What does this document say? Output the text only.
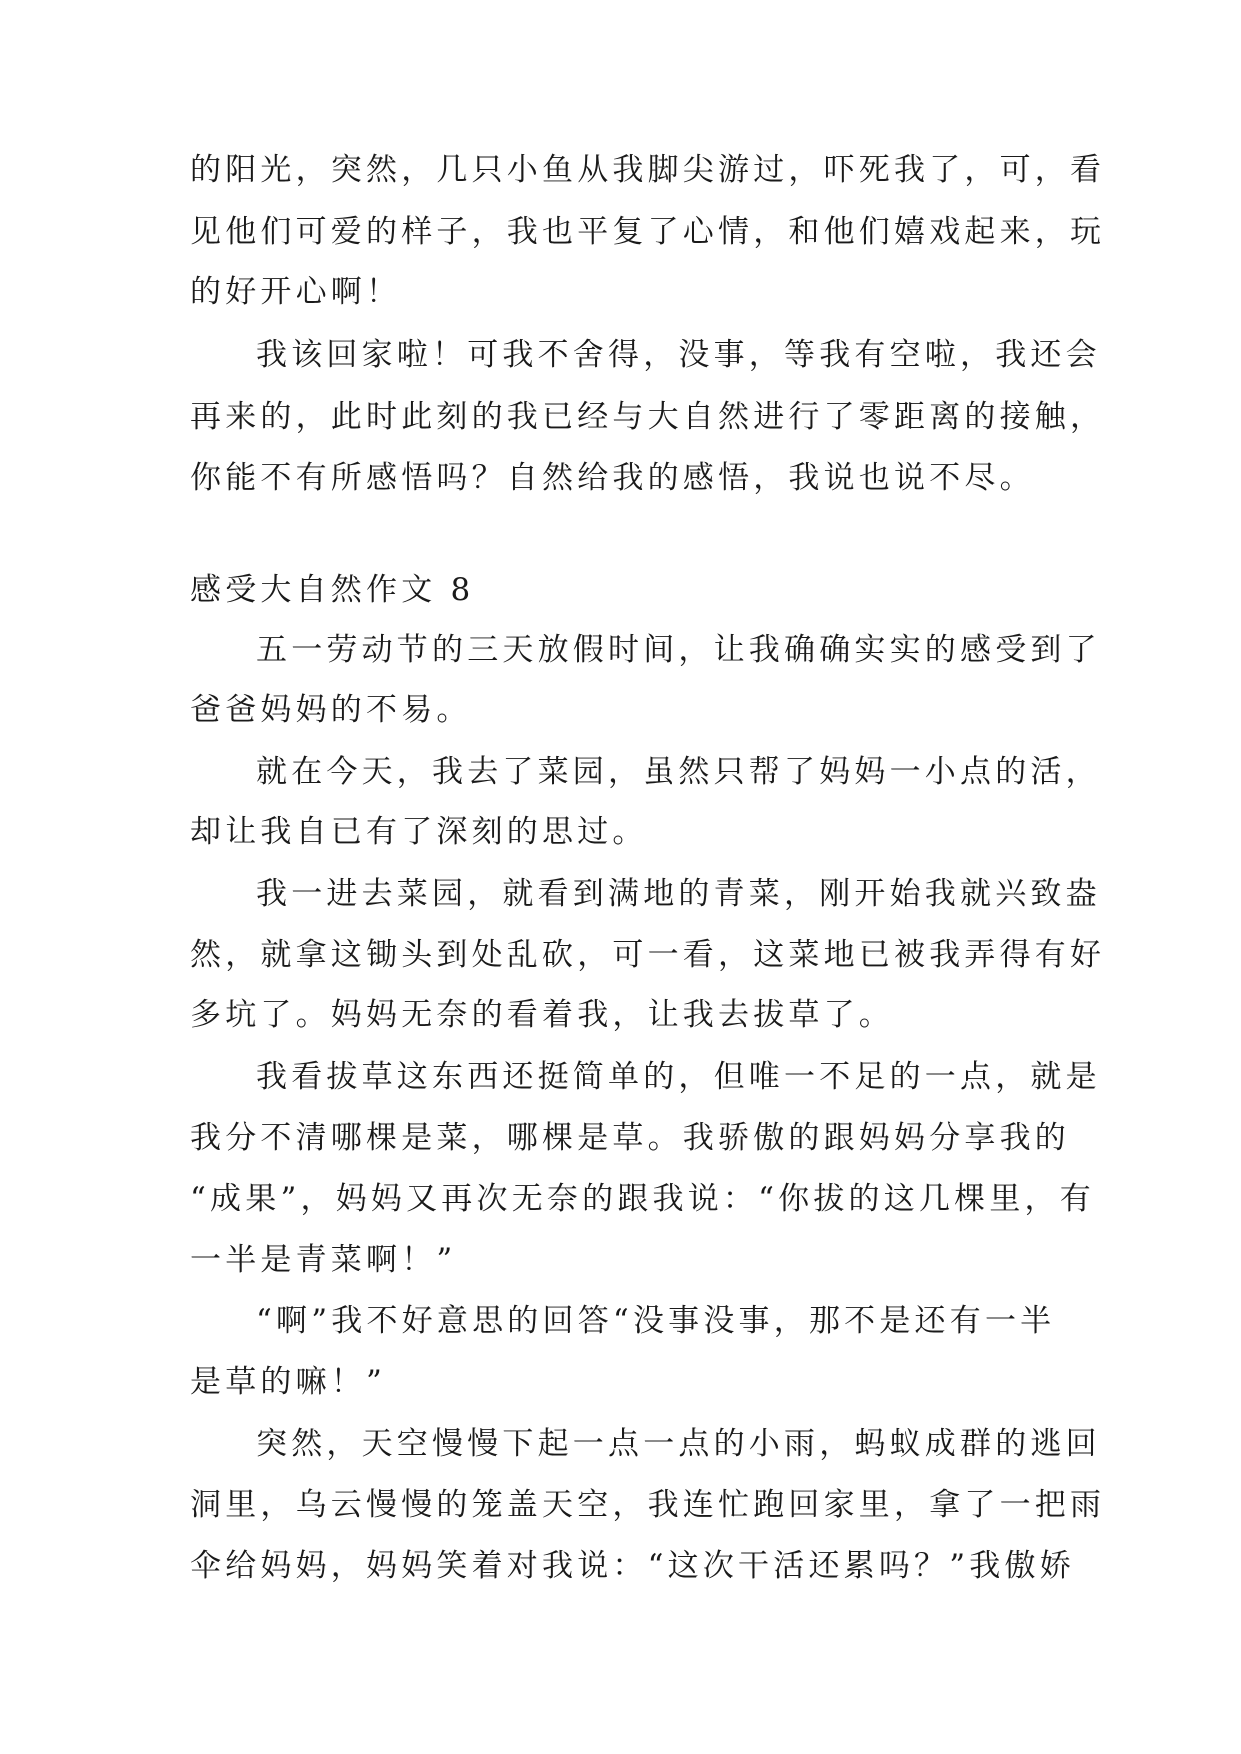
的阳光，突然，几只小鱼从我脚尖游过，吓死我了，可，看
见他们可爱的样子，我也平复了心情，和他们嬉戏起来，玩
的好开心啊！
我该回家啦！可我不舍得，没事，等我有空啦，我还会
再来的，此时此刻的我已经与大自然进行了零距离的接触，
你能不有所感悟吗？自然给我的感悟，我说也说不尽。
感受大自然作文 8
五一劳动节的三天放假时间，让我确确实实的感受到了
爸爸妈妈的不易。
就在今天，我去了菜园，虽然只帮了妈妈一小点的活，
却让我自已有了深刻的思过。
我一进去菜园，就看到满地的青菜，刚开始我就兴致盎
然，就拿这锄头到处乱砍，可一看，这菜地已被我弄得有好
多坑了。妈妈无奈的看着我，让我去拔草了。
我看拔草这东西还挺简单的，但唯一不足的一点，就是
我分不清哪棵是菜，哪棵是草。我骄傲的跟妈妈分享我的
“成果”，妈妈又再次无奈的跟我说：“你拔的这几棵里，有
一半是青菜啊！”
“啊”我不好意思的回答“没事没事，那不是还有一半
是草的嘛！”
突然，天空慢慢下起一点一点的小雨，蚂蚁成群的逃回
洞里，乌云慢慢的笼盖天空，我连忙跑回家里，拿了一把雨
伞给妈妈，妈妈笑着对我说：“这次干活还累吗？”我傲娇
